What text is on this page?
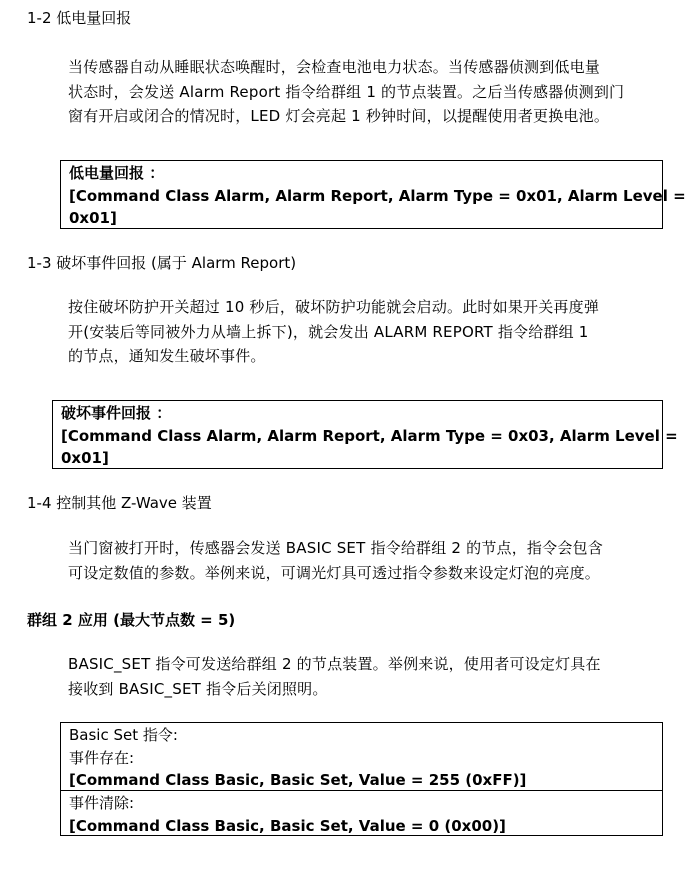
1-2 低电量回报
当传感器自动从睡眠状态唤醒时，会检查电池电力状态。当传感器侦测到低电量
状态时，会发送 Alarm Report 指令给群组 1 的节点装置。之后当传感器侦测到门
窗有开启或闭合的情况时，LED 灯会亮起 1 秒钟时间，以提醒使用者更换电池。
低电量回报 ：
[Command Class Alarm, Alarm Report, Alarm Type = 0x01, Alarm Level =
0x01]
1-3 破坏事件回报 (属于 Alarm Report)
按住破坏防护开关超过 10 秒后，破坏防护功能就会启动。此时如果开关再度弹
开(安装后等同被外力从墙上拆下)，就会发出 ALARM REPORT 指令给群组 1
的节点，通知发生破坏事件。
破坏事件回报 ：
[Command Class Alarm, Alarm Report, Alarm Type = 0x03, Alarm Level =
0x01]
1-4 控制其他 Z-Wave 装置
当门窗被打开时，传感器会发送 BASIC SET 指令给群组 2 的节点，指令会包含
可设定数值的参数。举例来说，可调光灯具可透过指令参数来设定灯泡的亮度。
群组 2 应用 (最大节点数 = 5)
BASIC_SET 指令可发送给群组 2 的节点装置。举例来说，使用者可设定灯具在
接收到 BASIC_SET 指令后关闭照明。
Basic Set 指令:
事件存在:
[Command Class Basic, Basic Set, Value = 255 (0xFF)]
事件清除:
[Command Class Basic, Basic Set, Value = 0 (0x00)]
